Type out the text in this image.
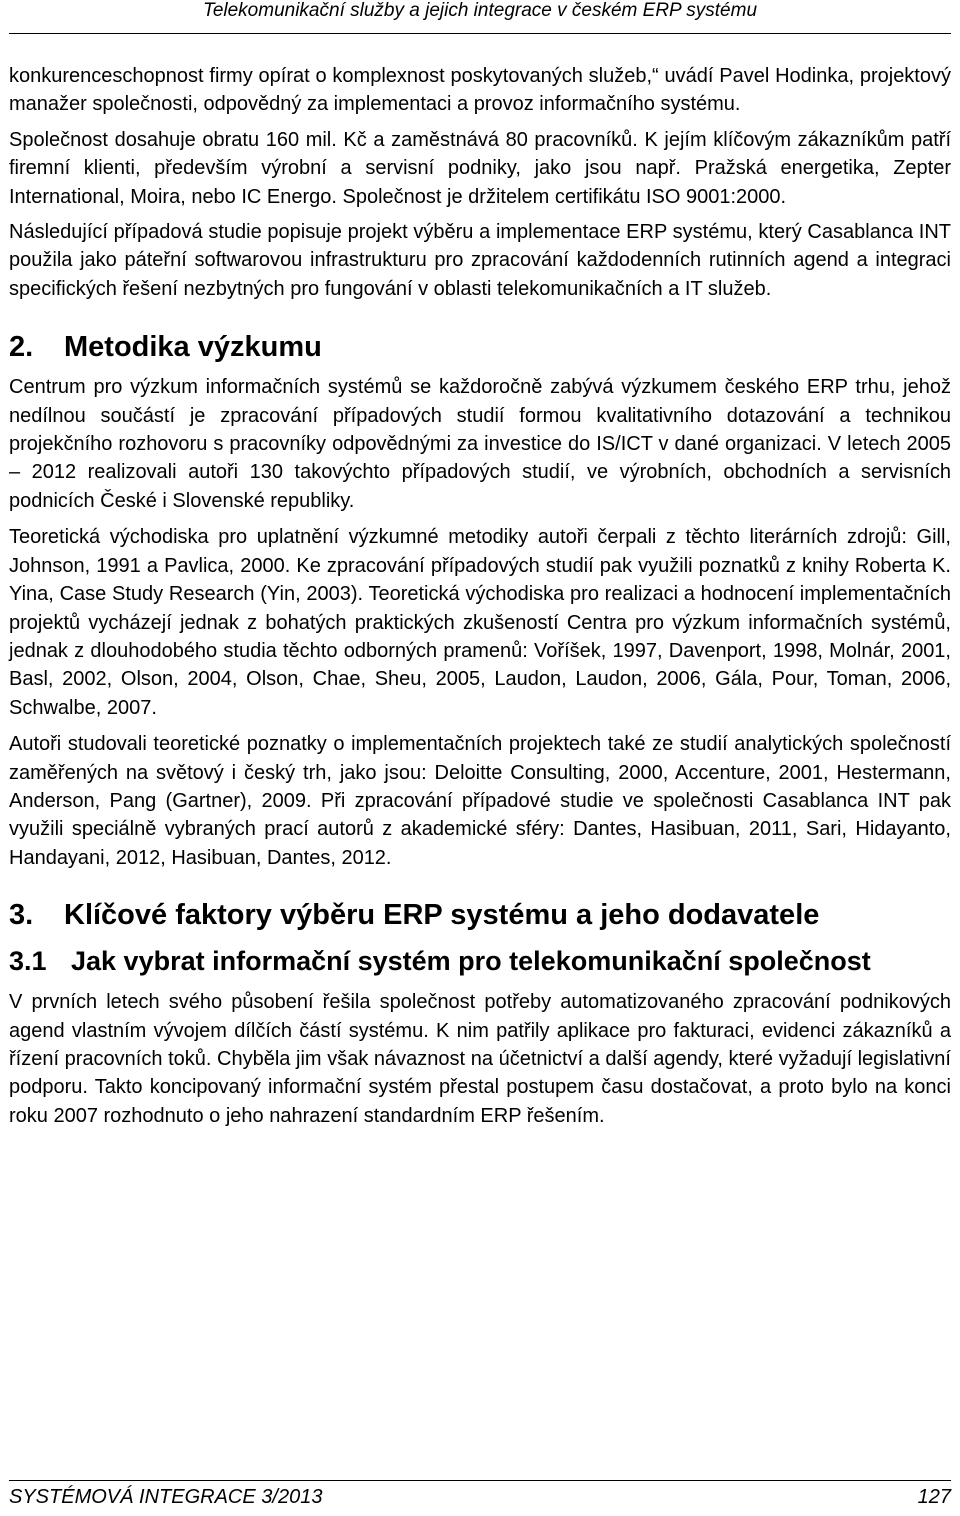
Telekomunikační služby a jejich integrace v českém ERP systému

konkurenceschopnost firmy opírat o komplexnost poskytovaných služeb,“ uvádí Pavel Hodinka, projektový manažer společnosti, odpovědný za implementaci a provoz informačního systému.

Společnost dosahuje obratu 160 mil. Kč a zaměstnává 80 pracovníků. K jejím klíčovým zákazníkům patří firemní klienti, především výrobní a servisní podniky, jako jsou např. Pražská energetika, Zepter International, Moira, nebo IC Energo. Společnost je držitelem certifikátu ISO 9001:2000.

Následující případová studie popisuje projekt výběru a implementace ERP systému, který Casablanca INT použila jako páteřní softwarovou infrastrukturu pro zpracování každodenních rutinních agend a integraci specifických řešení nezbytných pro fungování v oblasti telekomunikačních a IT služeb.

2. Metodika výzkumu

Centrum pro výzkum informačních systémů se každoročně zabývá výzkumem českého ERP trhu, jehož nedílnou součástí je zpracování případových studií formou kvalitativního dotazování a technikou projekčního rozhovoru s pracovníky odpovědnými za investice do IS/ICT v dané organizaci. V letech 2005 – 2012 realizovali autoři 130 takovýchto případových studií, ve výrobních, obchodních a servisních podnicích České i Slovenské republiky.

Teoretická východiska pro uplatnění výzkumné metodiky autoři čerpali z těchto literárních zdrojů: Gill, Johnson, 1991 a Pavlica, 2000. Ke zpracování případových studií pak využili poznatků z knihy Roberta K. Yina, Case Study Research (Yin, 2003). Teoretická východiska pro realizaci a hodnocení implementačních projektů vycházejí jednak z bohatých praktických zkušeností Centra pro výzkum informačních systémů, jednak z dlouhodobého studia těchto odborných pramenů: Voříšek, 1997, Davenport, 1998, Molnár, 2001, Basl, 2002, Olson, 2004, Olson, Chae, Sheu, 2005, Laudon, Laudon, 2006, Gála, Pour, Toman, 2006, Schwalbe, 2007.

Autoři studovali teoretické poznatky o implementačních projektech také ze studií analytických společností zaměřených na světový i český trh, jako jsou: Deloitte Consulting, 2000, Accenture, 2001, Hestermann, Anderson, Pang (Gartner), 2009. Při zpracování případové studie ve společnosti Casablanca INT pak využili speciálně vybraných prací autorů z akademické sféry: Dantes, Hasibuan, 2011, Sari, Hidayanto, Handayani, 2012, Hasibuan, Dantes, 2012.

3. Klíčové faktory výběru ERP systému a jeho dodavatele
3.1 Jak vybrat informační systém pro telekomunikační společnost

V prvních letech svého působení řešila společnost potřeby automatizovaného zpracování podnikových agend vlastním vývojem dílčích částí systému. K nim patřily aplikace pro fakturaci, evidenci zákazníků a řízení pracovních toků. Chyběla jim však návaznost na účetnictví a další agendy, které vyžadují legislativní podporu. Takto koncipovaný informační systém přestal postupem času dostačovat, a proto bylo na konci roku 2007 rozhodnuto o jeho nahrazení standardním ERP řešením.

SYSTÉMOVÁ INTEGRACE 3/2013	127
